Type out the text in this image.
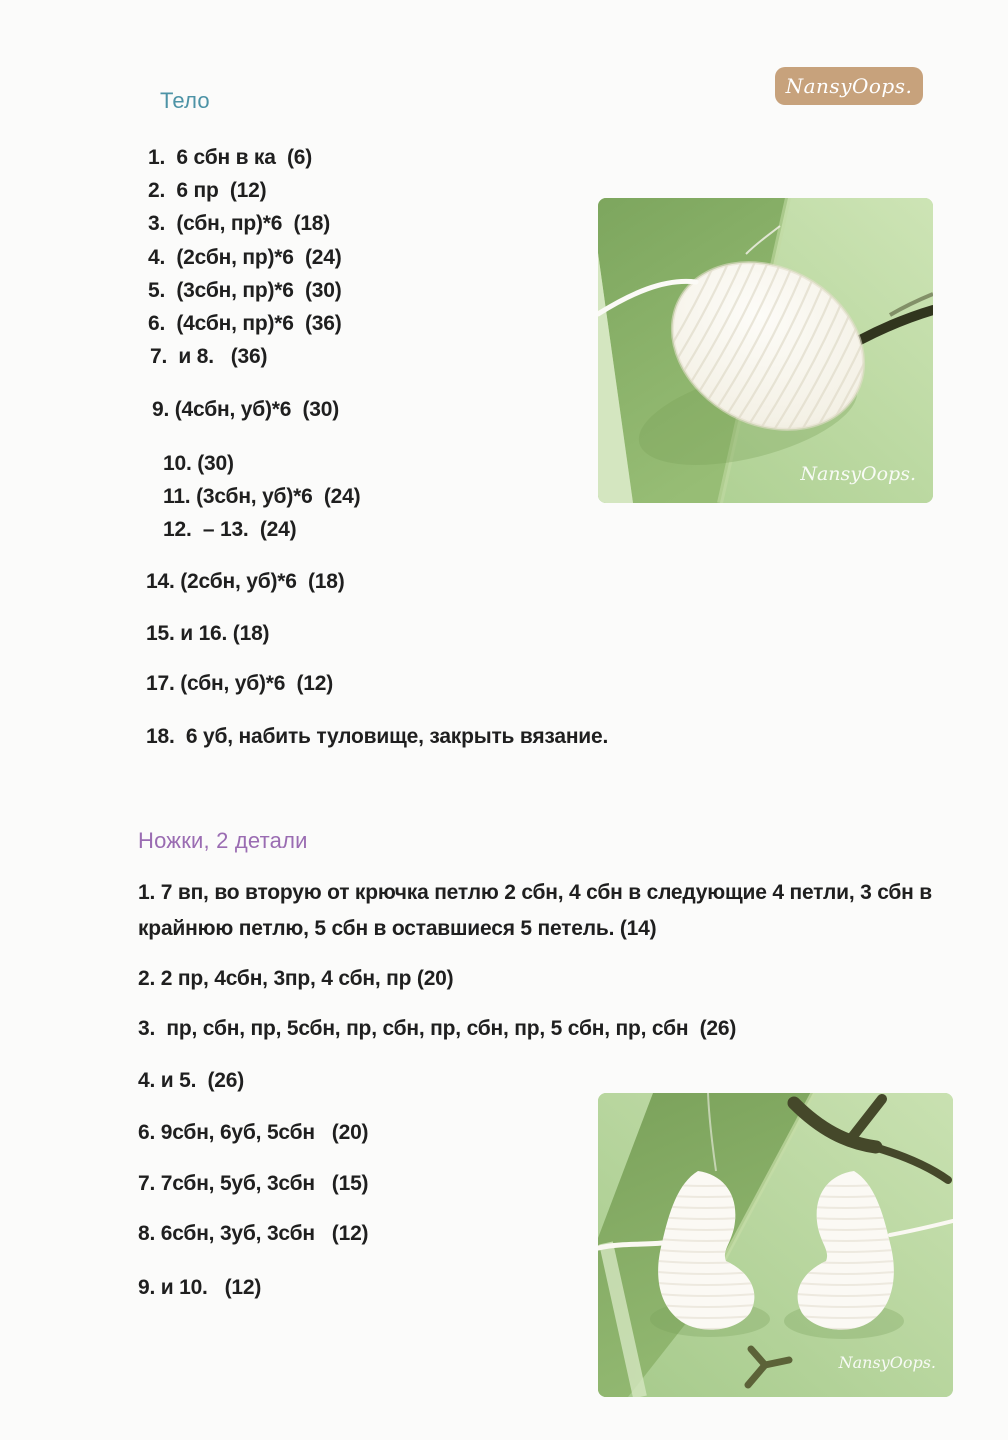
NansyOops.
Тело
1.  6 сбн в ка  (6)
2.  6 пр  (12)
3.  (сбн, пр)*6  (18)
4.  (2сбн, пр)*6  (24)
5.  (3сбн, пр)*6  (30)
6.  (4сбн, пр)*6  (36)
7.  и 8.   (36)
9. (4сбн, уб)*6  (30)
10. (30)
11. (3сбн, уб)*6  (24)
12.  – 13.  (24)
14. (2сбн, уб)*6  (18)
15. и 16. (18)
17. (сбн, уб)*6  (12)
18.  6 уб, набить туловище, закрыть вязание.
Ножки, 2 детали
1. 7 вп, во вторую от крючка петлю 2 сбн, 4 сбн в следующие 4 петли, 3 сбн в
крайнюю петлю, 5 сбн в оставшиеся 5 петель. (14)
2. 2 пр, 4сбн, 3пр, 4 сбн, пр (20)
3.  пр, сбн, пр, 5сбн, пр, сбн, пр, сбн, пр, 5 сбн, пр, сбн  (26)
4. и 5.  (26)
6. 9сбн, 6уб, 5сбн   (20)
7. 7сбн, 5уб, 3сбн   (15)
8. 6сбн, 3уб, 3сбн   (12)
9. и 10.   (12)
NansyOops.
NansyOops.
